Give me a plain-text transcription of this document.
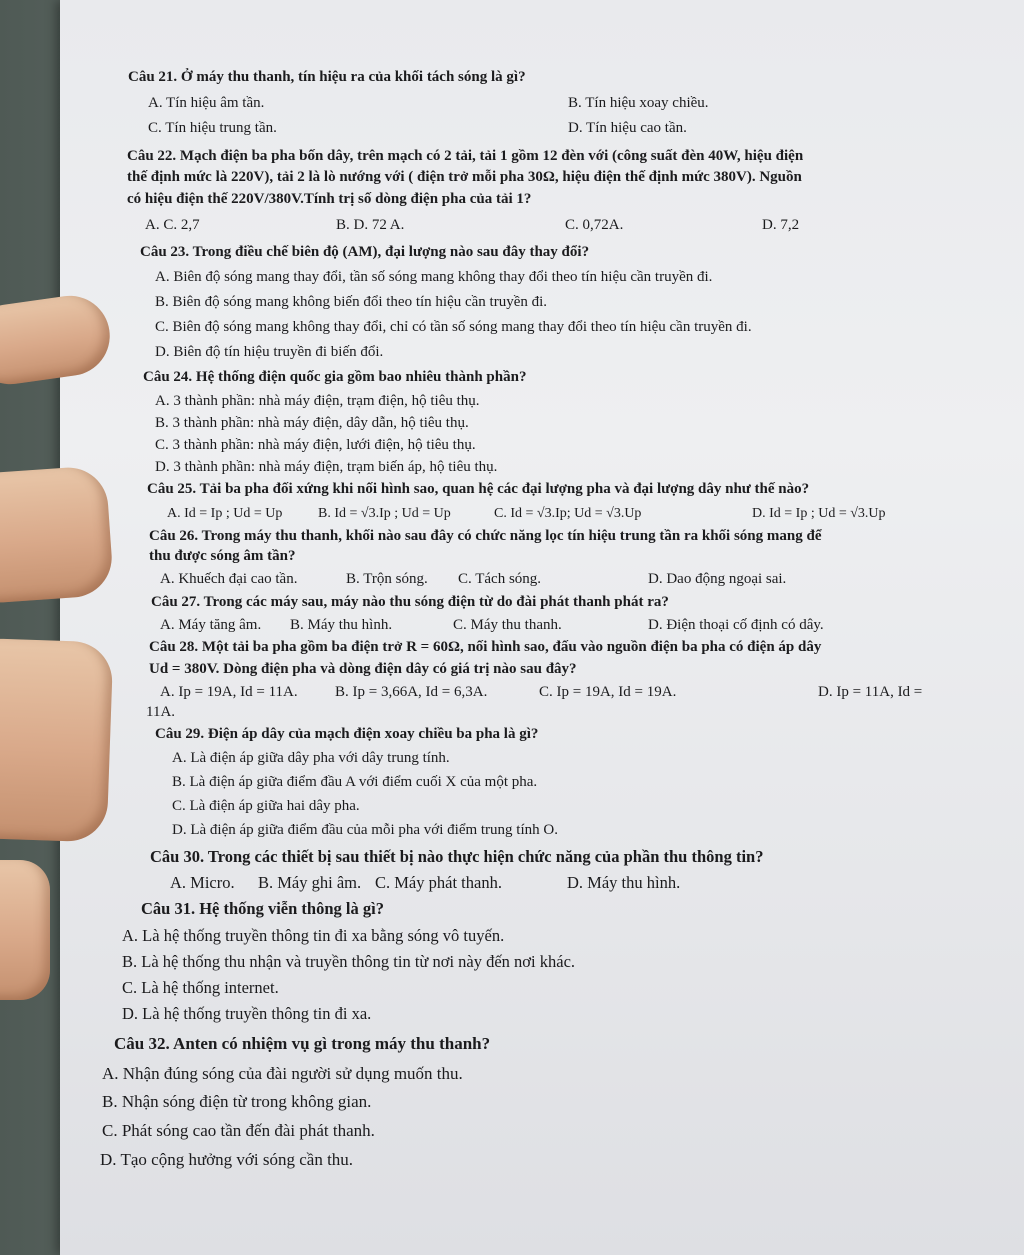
Câu 21. Ở máy thu thanh, tín hiệu ra của khối tách sóng là gì?
A. Tín hiệu âm tần.	B. Tín hiệu xoay chiều.
C. Tín hiệu trung tần.	D. Tín hiệu cao tần.
Câu 22. Mạch điện ba pha bốn dây, trên mạch có 2 tải, tải 1 gồm 12 đèn với (công suất đèn 40W, hiệu điện
thế định mức là 220V), tải 2 là lò nướng với ( điện trở mỗi pha 30Ω, hiệu điện thế định mức 380V). Nguồn
có hiệu điện thế 220V/380V.Tính trị số dòng điện pha của tải 1?
A. C. 2,7	B. D. 72 A.	C. 0,72A.	D. 7,2
Câu 23. Trong điều chế biên độ (AM), đại lượng nào sau đây thay đổi?
A. Biên độ sóng mang thay đổi, tần số sóng mang không thay đổi theo tín hiệu cần truyền đi.
B. Biên độ sóng mang không biến đổi theo tín hiệu cần truyền đi.
C. Biên độ sóng mang không thay đổi, chỉ có tần số sóng mang thay đổi theo tín hiệu cần truyền đi.
D. Biên độ tín hiệu truyền đi biến đổi.
Câu 24. Hệ thống điện quốc gia gồm bao nhiêu thành phần?
A. 3 thành phần: nhà máy điện, trạm điện, hộ tiêu thụ.
B. 3 thành phần: nhà máy điện, dây dẫn, hộ tiêu thụ.
C. 3 thành phần: nhà máy điện, lưới điện, hộ tiêu thụ.
D. 3 thành phần: nhà máy điện, trạm biến áp, hộ tiêu thụ.
Câu 25. Tải ba pha đối xứng khi nối hình sao, quan hệ các đại lượng pha và đại lượng dây như thế nào?
A. Id = Ip ; Ud = Up	B. Id = √3.Ip ; Ud = Up	C. Id = √3.Ip; Ud = √3.Up	D. Id = Ip ; Ud = √3.Up
Câu 26. Trong máy thu thanh, khối nào sau đây có chức năng lọc tín hiệu trung tần ra khối sóng mang để
thu được sóng âm tần?
A. Khuếch đại cao tần.	B. Trộn sóng. C. Tách sóng.	D. Dao động ngoại sai.
Câu 27. Trong các máy sau, máy nào thu sóng điện từ do đài phát thanh phát ra?
A. Máy tăng âm. B. Máy thu hình.	C. Máy thu thanh.	D. Điện thoại cố định có dây.
Câu 28. Một tải ba pha gồm ba điện trở R = 60Ω, nối hình sao, đấu vào nguồn điện ba pha có điện áp dây
Ud = 380V. Dòng điện pha và dòng điện dây có giá trị nào sau đây?
A. Ip = 19A, Id = 11A. B. Ip = 3,66A, Id = 6,3A.	C. Ip = 19A, Id = 19A.	D. Ip = 11A, Id =
11A.
Câu 29. Điện áp dây của mạch điện xoay chiều ba pha là gì?
A. Là điện áp giữa dây pha với dây trung tính.
B. Là điện áp giữa điểm đầu A với điểm cuối X của một pha.
C. Là điện áp giữa hai dây pha.
D. Là điện áp giữa điểm đầu của mỗi pha với điểm trung tính O.
Câu 30. Trong các thiết bị sau thiết bị nào thực hiện chức năng của phần thu thông tin?
A. Micro. B. Máy ghi âm. C. Máy phát thanh.	D. Máy thu hình.
Câu 31. Hệ thống viễn thông là gì?
A. Là hệ thống truyền thông tin đi xa bằng sóng vô tuyến.
B. Là hệ thống thu nhận và truyền thông tin từ nơi này đến nơi khác.
C. Là hệ thống internet.
D. Là hệ thống truyền thông tin đi xa.
Câu 32. Anten có nhiệm vụ gì trong máy thu thanh?
A. Nhận đúng sóng của đài người sử dụng muốn thu.
B. Nhận sóng điện từ trong không gian.
C. Phát sóng cao tần đến đài phát thanh.
D. Tạo cộng hưởng với sóng cần thu.
